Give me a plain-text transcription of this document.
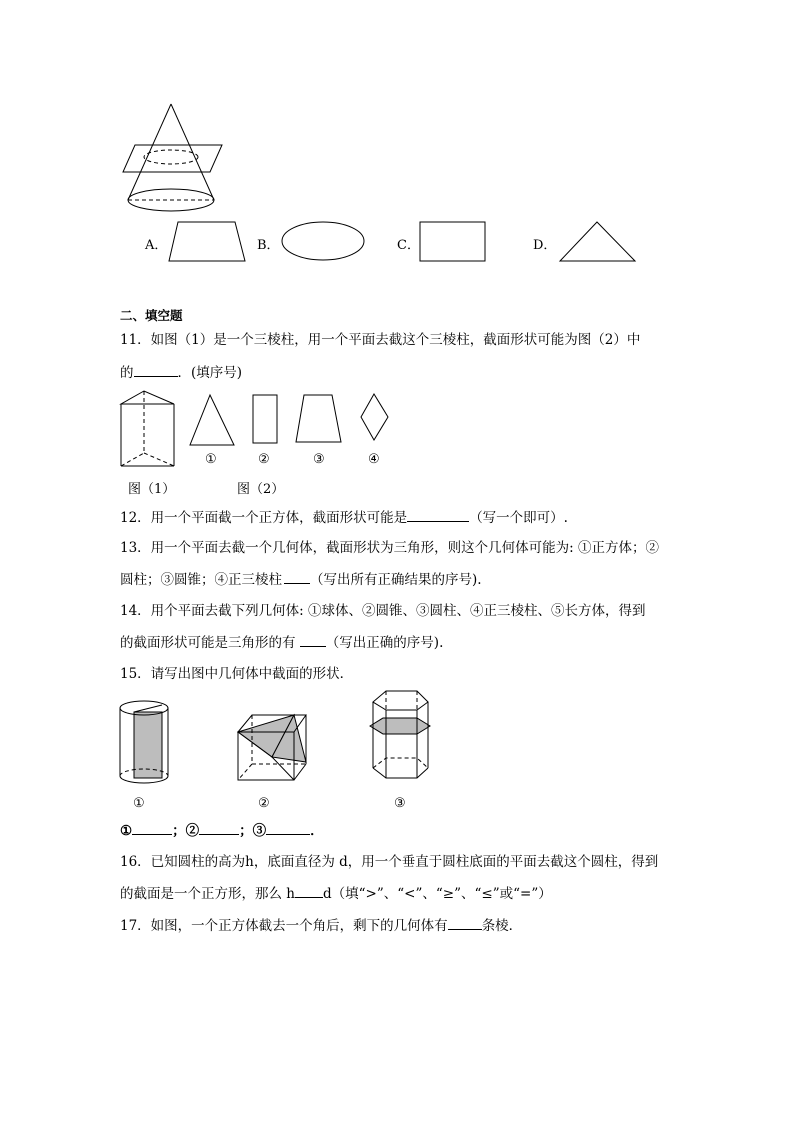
A．	B．	C．	D．
二、填空题
11．如图（1）是一个三棱柱，用一个平面去截这个三棱柱，截面形状可能为图（2）中
的	．(填序号)
①	②	③	④
图（1）	图（2）
12．用一个平面截一个正方体，截面形状可能是	（写一个即可）.
13．用一个平面去截一个几何体，截面形状为三角形，则这个几何体可能为: ①正方体；②
圆柱；③圆锥；④正三棱柱 （写出所有正确结果的序号).
14．用个平面去截下列几何体: ①球体、②圆锥、③圆柱、④正三棱柱、⑤长方体，得到
的截面形状可能是三角形的有 （写出正确的序号).
15．请写出图中几何体中截面的形状．
①	②	③
①	；②	；③	．
16．已知圆柱的高为h，底面直径为 d，用一个垂直于圆柱底面的平面去截这个圆柱，得到
的截面是一个正方形，那么 h d（填“>”、“<”、“≥”、“≤”或“=”）
17．如图，一个正方体截去一个角后，剩下的几何体有	条棱．
